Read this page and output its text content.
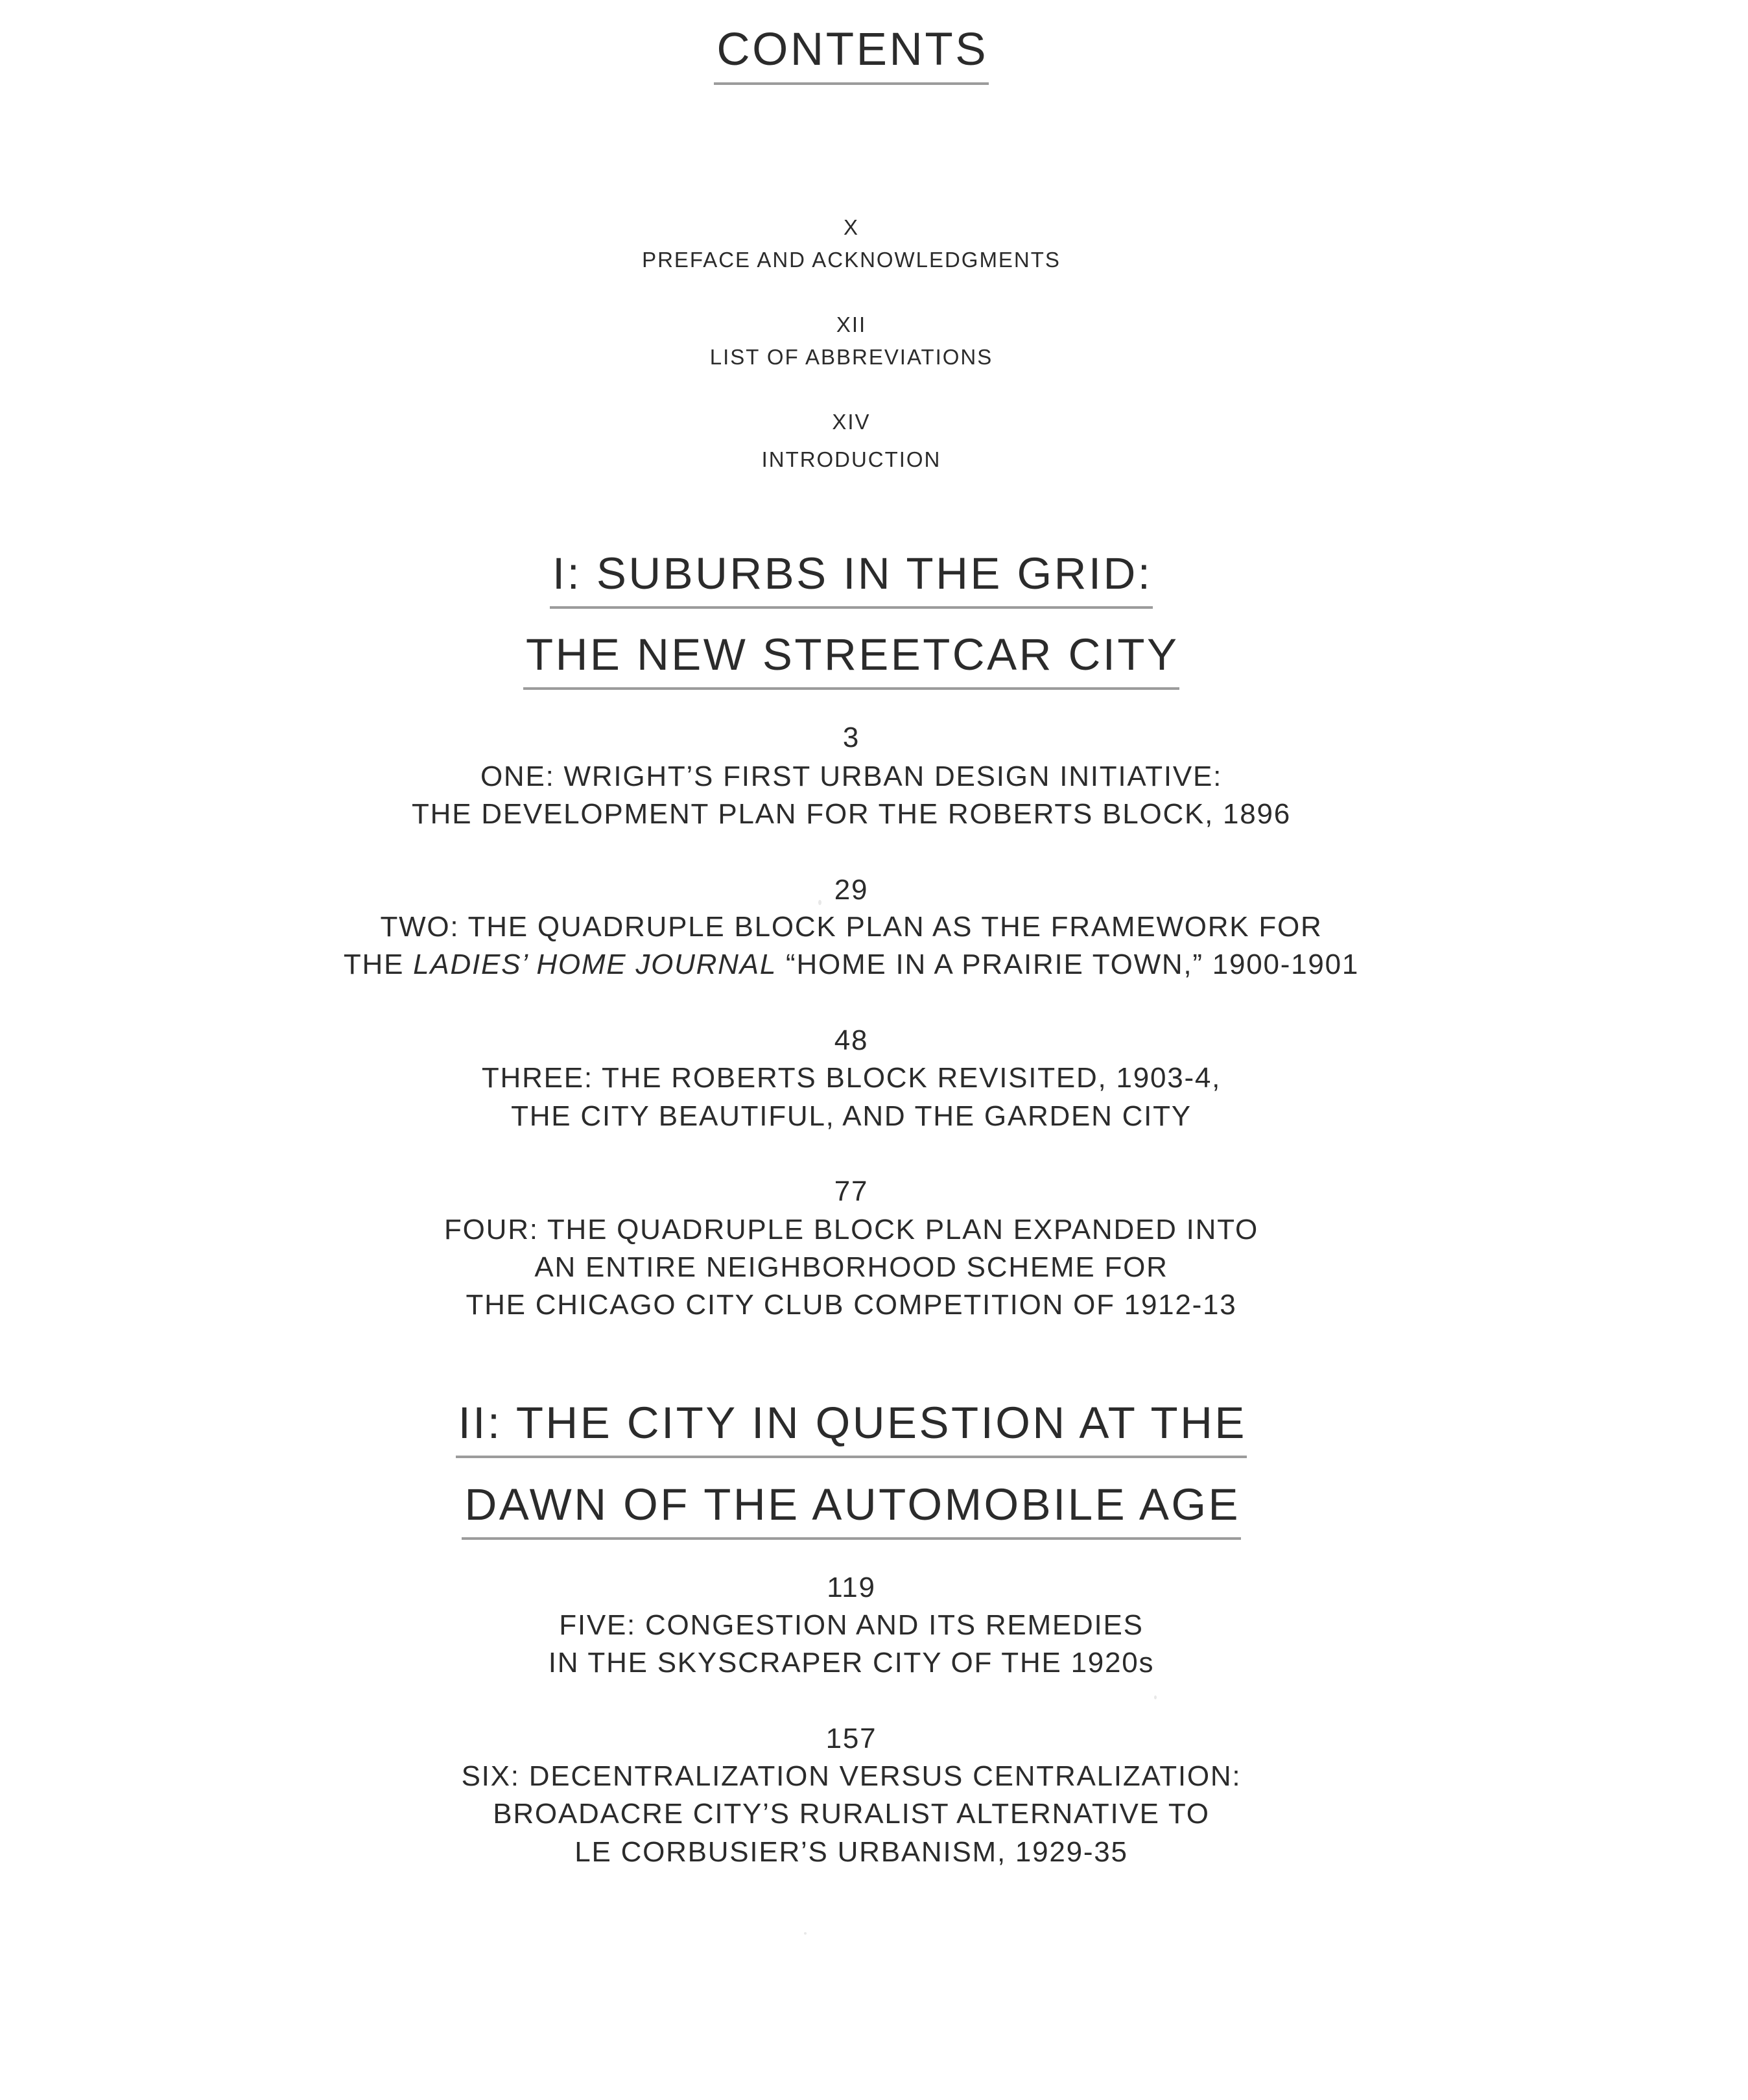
CONTENTS
X
PREFACE AND ACKNOWLEDGMENTS
XII
LIST OF ABBREVIATIONS
XIV
INTRODUCTION
I: SUBURBS IN THE GRID:
THE NEW STREETCAR CITY
3
ONE: WRIGHT’S FIRST URBAN DESIGN INITIATIVE:
THE DEVELOPMENT PLAN FOR THE ROBERTS BLOCK, 1896
29
TWO: THE QUADRUPLE BLOCK PLAN AS THE FRAMEWORK FOR
THE LADIES’ HOME JOURNAL “HOME IN A PRAIRIE TOWN,” 1900-1901
48
THREE: THE ROBERTS BLOCK REVISITED, 1903-4,
THE CITY BEAUTIFUL, AND THE GARDEN CITY
77
FOUR: THE QUADRUPLE BLOCK PLAN EXPANDED INTO
AN ENTIRE NEIGHBORHOOD SCHEME FOR
THE CHICAGO CITY CLUB COMPETITION OF 1912-13
II: THE CITY IN QUESTION AT THE
DAWN OF THE AUTOMOBILE AGE
119
FIVE: CONGESTION AND ITS REMEDIES
IN THE SKYSCRAPER CITY OF THE 1920s
157
SIX: DECENTRALIZATION VERSUS CENTRALIZATION:
BROADACRE CITY’S RURALIST ALTERNATIVE TO
LE CORBUSIER’S URBANISM, 1929-35
